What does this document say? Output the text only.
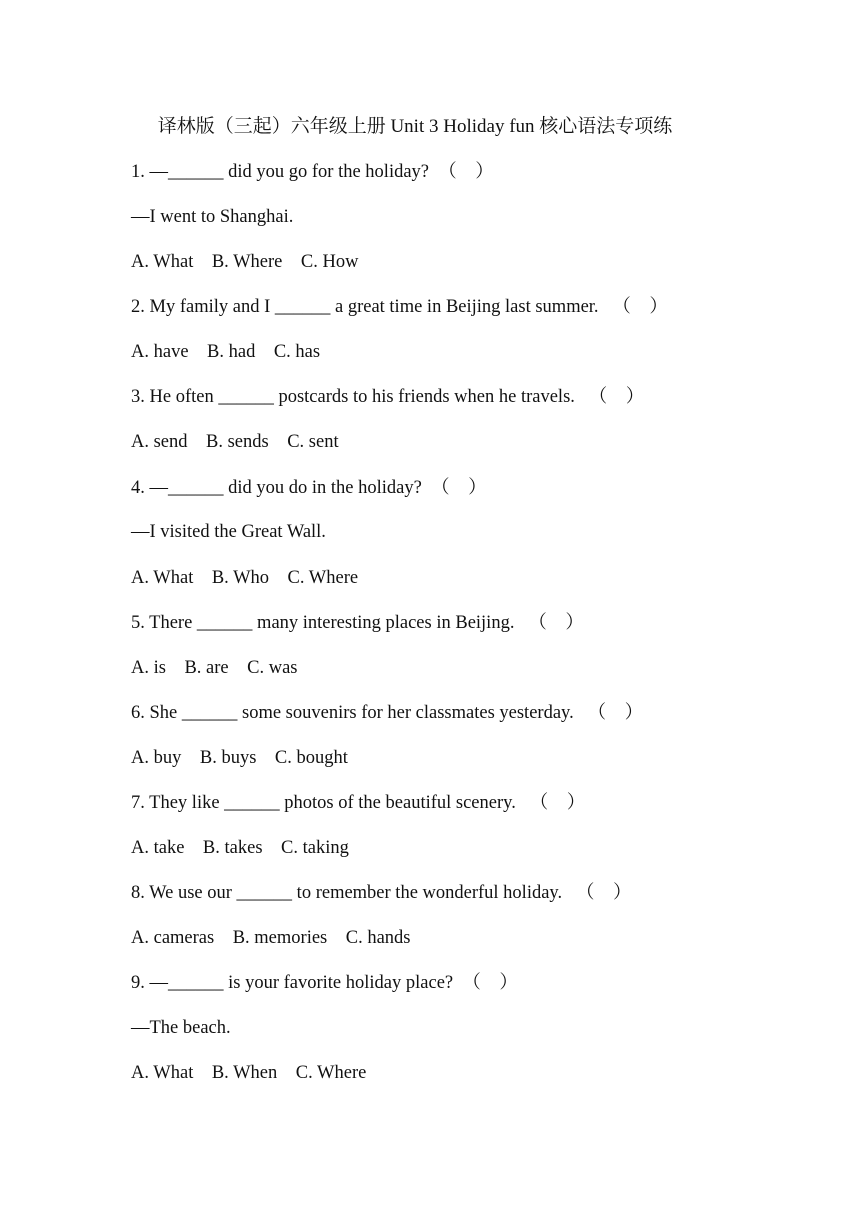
译林版（三起）六年级上册 Unit 3 Holiday fun 核心语法专项练
1. —______ did you go for the holiday?  （    ）
—I went to Shanghai.
A. What    B. Where    C. How
2. My family and I ______ a great time in Beijing last summer.   （    ）
A. have    B. had    C. has
3. He often ______ postcards to his friends when he travels.   （    ）
A. send    B. sends    C. sent
4. —______ did you do in the holiday?  （    ）
—I visited the Great Wall.
A. What    B. Who    C. Where
5. There ______ many interesting places in Beijing.   （    ）
A. is    B. are    C. was
6. She ______ some souvenirs for her classmates yesterday.   （    ）
A. buy    B. buys    C. bought
7. They like ______ photos of the beautiful scenery.   （    ）
A. take    B. takes    C. taking
8. We use our ______ to remember the wonderful holiday.   （    ）
A. cameras    B. memories    C. hands
9. —______ is your favorite holiday place?  （    ）
—The beach.
A. What    B. When    C. Where
